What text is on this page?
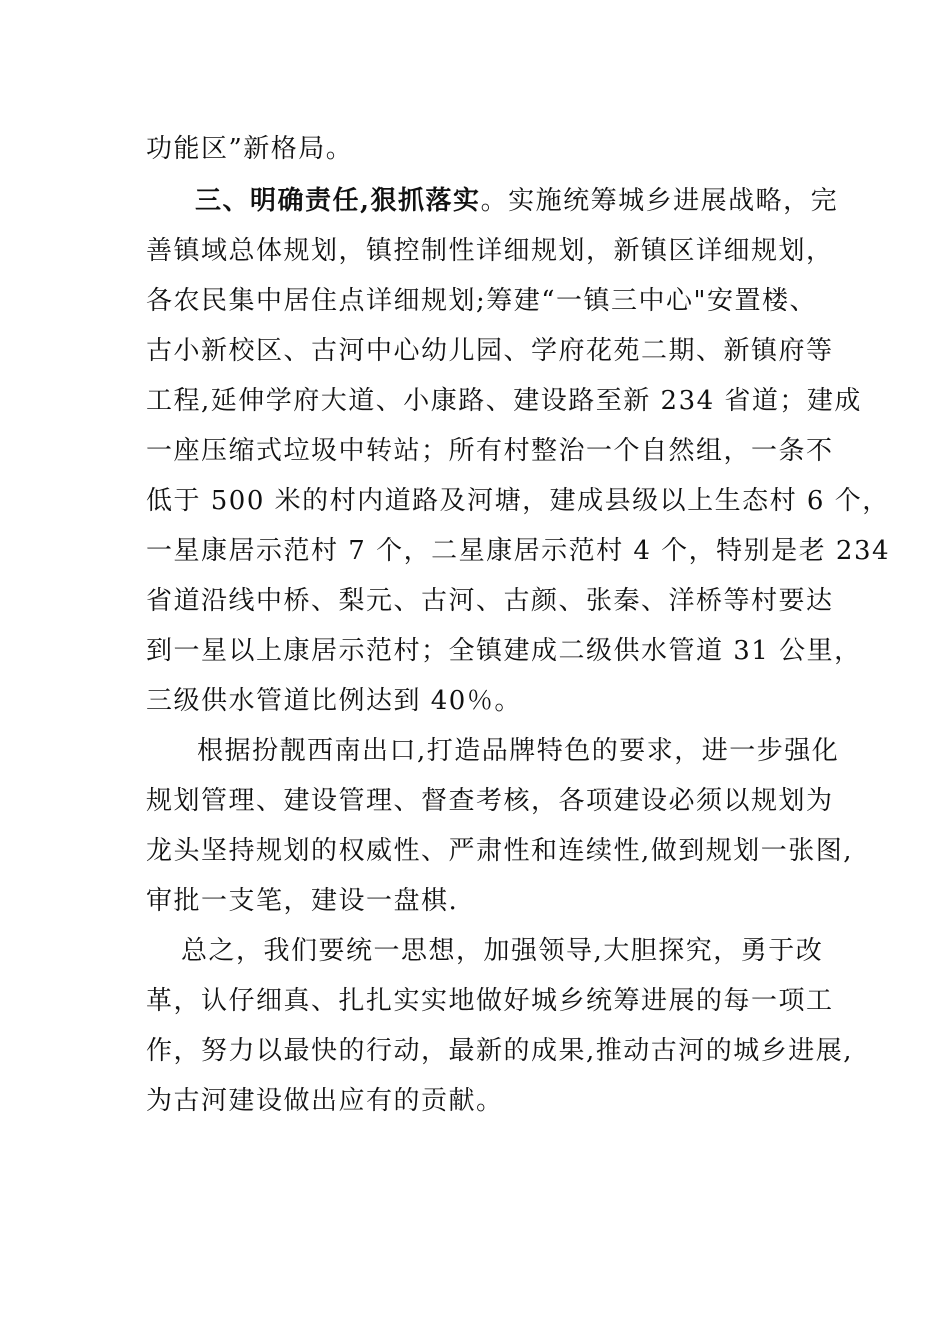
功能区”新格局。
三、明确责任,狠抓落实。实施统筹城乡进展战略，完
善镇域总体规划，镇控制性详细规划，新镇区详细规划，
各农民集中居住点详细规划;筹建“一镇三中心"安置楼、
古小新校区、古河中心幼儿园、学府花苑二期、新镇府等
工程,延伸学府大道、小康路、建设路至新 234 省道；建成
一座压缩式垃圾中转站；所有村整治一个自然组，一条不
低于 500 米的村内道路及河塘，建成县级以上生态村 6 个，
一星康居示范村 7 个，二星康居示范村 4 个，特别是老 234
省道沿线中桥、梨元、古河、古颜、张秦、洋桥等村要达
到一星以上康居示范村；全镇建成二级供水管道 31 公里，
三级供水管道比例达到 40％。
根据扮靓西南出口,打造品牌特色的要求，进一步强化
规划管理、建设管理、督查考核，各项建设必须以规划为
龙头坚持规划的权威性、严肃性和连续性,做到规划一张图,
审批一支笔，建设一盘棋.
总之，我们要统一思想，加强领导,大胆探究，勇于改
革，认仔细真、扎扎实实地做好城乡统筹进展的每一项工
作，努力以最快的行动，最新的成果,推动古河的城乡进展,
为古河建设做出应有的贡献。
